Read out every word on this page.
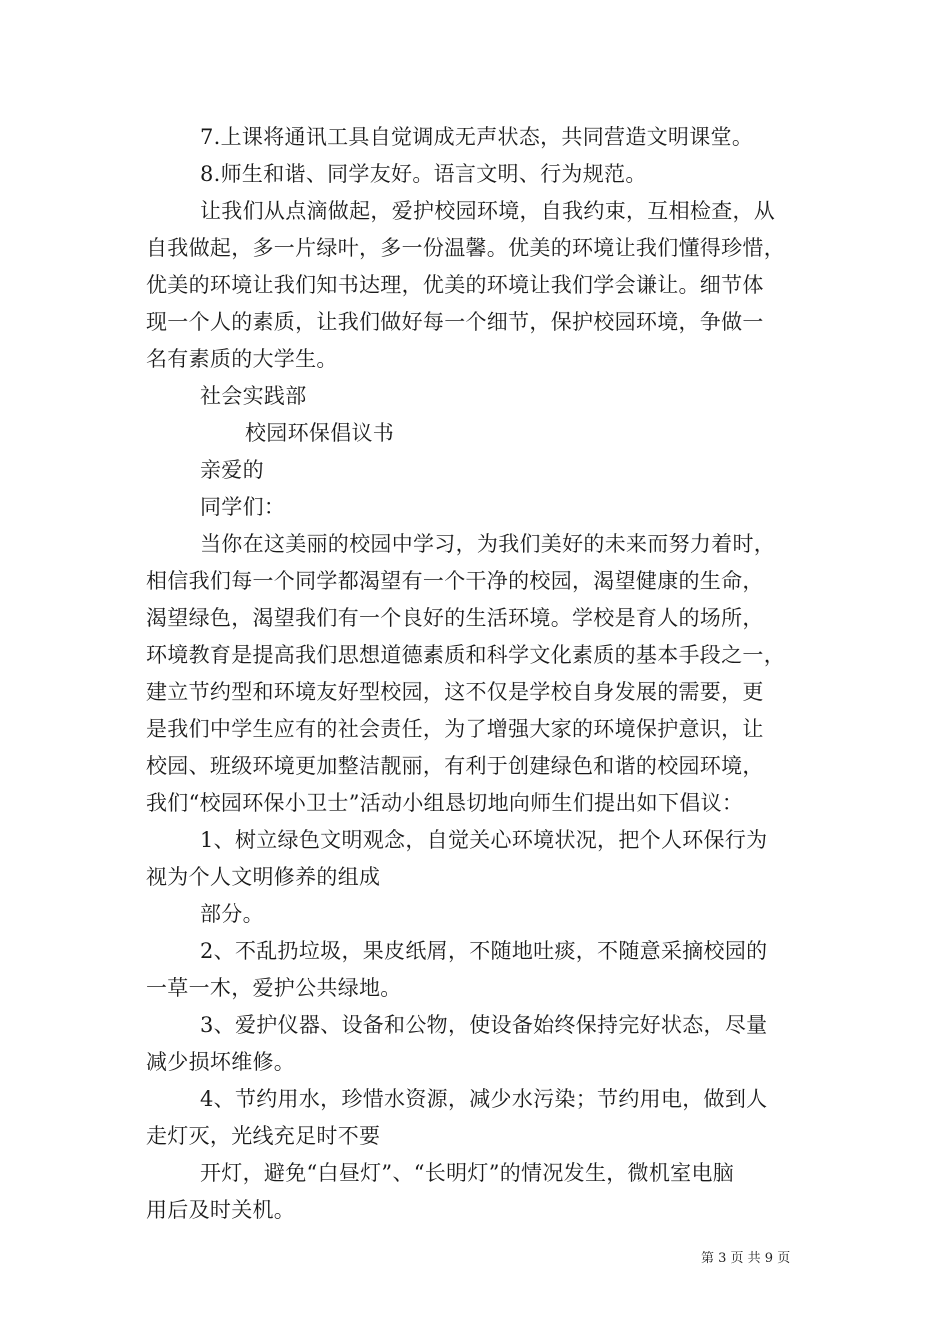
7.上课将通讯工具自觉调成无声状态，共同营造文明课堂。
8.师生和谐、同学友好。语言文明、行为规范。
让我们从点滴做起，爱护校园环境，自我约束，互相检查，从
自我做起，多一片绿叶，多一份温馨。优美的环境让我们懂得珍惜，
优美的环境让我们知书达理，优美的环境让我们学会谦让。细节体
现一个人的素质，让我们做好每一个细节，保护校园环境，争做一
名有素质的大学生。
社会实践部
校园环保倡议书
亲爱的
同学们：
当你在这美丽的校园中学习，为我们美好的未来而努力着时，
相信我们每一个同学都渴望有一个干净的校园，渴望健康的生命，
渴望绿色，渴望我们有一个良好的生活环境。学校是育人的场所，
环境教育是提高我们思想道德素质和科学文化素质的基本手段之一，
建立节约型和环境友好型校园，这不仅是学校自身发展的需要，更
是我们中学生应有的社会责任，为了增强大家的环境保护意识，让
校园、班级环境更加整洁靓丽，有利于创建绿色和谐的校园环境，
我们“校园环保小卫士”活动小组恳切地向师生们提出如下倡议：
1、树立绿色文明观念，自觉关心环境状况，把个人环保行为
视为个人文明修养的组成
部分。
2、不乱扔垃圾，果皮纸屑，不随地吐痰，不随意采摘校园的
一草一木，爱护公共绿地。
3、爱护仪器、设备和公物，使设备始终保持完好状态，尽量
减少损坏维修。
4、节约用水，珍惜水资源，减少水污染；节约用电，做到人
走灯灭，光线充足时不要
开灯，避免“白昼灯”、“长明灯”的情况发生，微机室电脑
用后及时关机。
第 3 页 共 9 页
